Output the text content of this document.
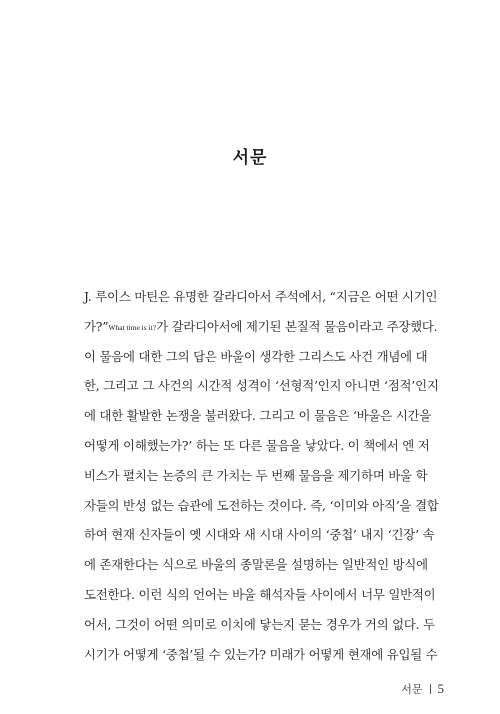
서문
J. 루이스 마틴은 유명한 갈라디아서 주석에서, “지금은 어떤 시기인
가?”What time is it?가 갈라디아서에 제기된 본질적 물음이라고 주장했다.
이 물음에 대한 그의 답은 바울이 생각한 그리스도 사건 개념에 대
한, 그리고 그 사건의 시간적 성격이 ‘선형적’인지 아니면 ‘점적’인지
에 대한 활발한 논쟁을 불러왔다. 그리고 이 물음은 ‘바울은 시간을
어떻게 이해했는가?’ 하는 또 다른 물음을 낳았다. 이 책에서 엔 저
비스가 펼치는 논증의 큰 가치는 두 번째 물음을 제기하며 바울 학
자들의 반성 없는 습관에 도전하는 것이다. 즉, ‘이미와 아직’을 결합
하여 현재 신자들이 옛 시대와 새 시대 사이의 ‘중첩’ 내지 ‘긴장’ 속
에 존재한다는 식으로 바울의 종말론을 설명하는 일반적인 방식에
도전한다. 이런 식의 언어는 바울 해석자들 사이에서 너무 일반적이
어서, 그것이 어떤 의미로 이치에 닿는지 묻는 경우가 거의 없다. 두
시기가 어떻게 ‘중첩’될 수 있는가? 미래가 어떻게 현재에 유입될 수
서문 5
